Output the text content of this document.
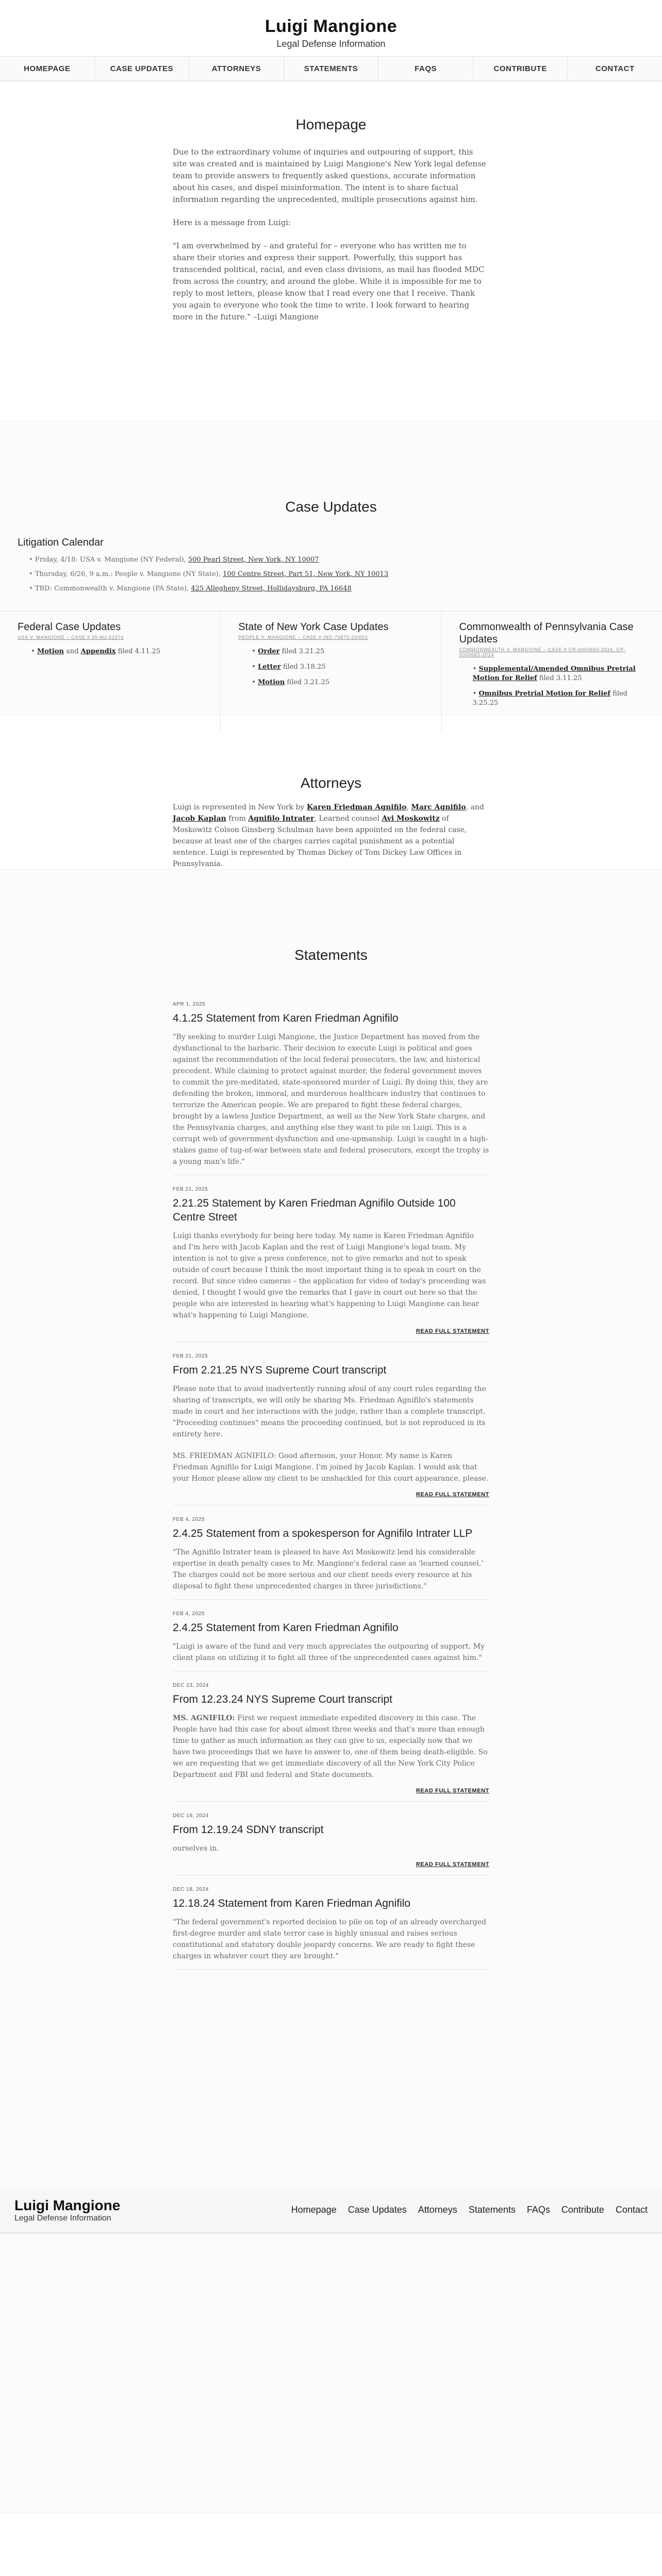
Luigi Mangione
Legal Defense Information
HOMEPAGE	CASE UPDATES	ATTORNEYS	STATEMENTS	FAQS	CONTRIBUTE	CONTACT
Homepage

Due to the extraordinary volume of inquiries and outpouring of support, this site was created and is maintained by Luigi Mangione's New York legal defense team to provide answers to frequently asked questions, accurate information about his cases, and dispel misinformation. The intent is to share factual information regarding the unprecedented, multiple prosecutions against him.

Here is a message from Luigi:

"I am overwhelmed by – and grateful for – everyone who has written me to share their stories and express their support. Powerfully, this support has transcended political, racial, and even class divisions, as mail has flooded MDC from across the country, and around the globe. While it is impossible for me to reply to most letters, please know that I read every one that I receive. Thank you again to everyone who took the time to write. I look forward to hearing more in the future." –Luigi Mangione

Case Updates
Litigation Calendar
• Friday, 4/18: USA v. Mangione (NY Federal), 500 Pearl Street, New York, NY 10007
• Thursday, 6/26, 9 a.m.: People v. Mangione (NY State), 100 Centre Street, Part 51, New York, NY 10013
• TBD: Commonwealth v. Mangione (PA State), 425 Allegheny Street, Hollidaysburg, PA 16648
Federal Case Updates
USA V. MANGIONE – CASE # 25-MJ-02374
• Motion and Appendix filed 4.11.25
State of New York Case Updates
PEOPLE V. MANGIONE – CASE # IND-75875-24/001
• Order filed 3.21.25
• Letter filed 3.18.25
• Motion filed 3.21.25
Commonwealth of Pennsylvania Case Updates
COMMONWEALTH V. MANGIONE – CASE # CR-0000683-2024, CP-0000683-2024
• Supplemental/Amended Omnibus Pretrial Motion for Relief filed 3.11.25
• Omnibus Pretrial Motion for Relief filed 3.25.25
Attorneys

Luigi is represented in New York by Karen Friedman Agnifilo, Marc Agnifilo, and Jacob Kaplan from Agnifilo Intrater, Learned counsel Avi Moskowitz of Moskowitz Colson Ginsberg Schulman have been appointed on the federal case, because at least one of the charges carries capital punishment as a potential sentence. Luigi is represented by Thomas Dickey of Tom Dickey Law Offices in Pennsylvania.

Statements
APR 1, 2025
4.1.25 Statement from Karen Friedman Agnifilo

"By seeking to murder Luigi Mangione, the Justice Department has moved from the dysfunctional to the barbaric. Their decision to execute Luigi is political and goes against the recommendation of the local federal prosecutors, the law, and historical precedent. While claiming to protect against murder, the federal government moves to commit the pre-meditated, state-sponsored murder of Luigi. By doing this, they are defending the broken, immoral, and murderous healthcare industry that continues to terrorize the American people. We are prepared to fight these federal charges, brought by a lawless Justice Department, as well as the New York State charges, and the Pennsylvania charges, and anything else they want to pile on Luigi. This is a corrupt web of government dysfunction and one-upmanship. Luigi is caught in a high-stakes game of tug-of-war between state and federal prosecutors, except the trophy is a young man's life."

FEB 21, 2025
2.21.25 Statement by Karen Friedman Agnifilo Outside 100 Centre Street

Luigi thanks everybody for being here today. My name is Karen Friedman Agnifilo and I'm here with Jacob Kaplan and the rest of Luigi Mangione's legal team. My intention is not to give a press conference, not to give remarks and not to speak outside of court because I think the most important thing is to speak in court on the record. But since video cameras – the application for video of today's proceeding was denied, I thought I would give the remarks that I gave in court out here so that the people who are interested in hearing what's happening to Luigi Mangione can hear what's happening to Luigi Mangione.

READ FULL STATEMENT
FEB 21, 2025
From 2.21.25 NYS Supreme Court transcript

Please note that to avoid inadvertently running afoul of any court rules regarding the sharing of transcripts, we will only be sharing Ms. Friedman Agnifilo's statements made in court and her interactions with the judge, rather than a complete transcript. "Proceeding continues" means the proceeding continued, but is not reproduced in its entirety here.

MS. FRIEDMAN AGNIFILO: Good afternoon, your Honor. My name is Karen Friedman Agnifilo for Luigi Mangione. I'm joined by Jacob Kaplan. I would ask that your Honor please allow my client to be unshackled for this court appearance, please.

READ FULL STATEMENT
FEB 4, 2025
2.4.25 Statement from a spokesperson for Agnifilo Intrater LLP

"The Agnifilo Intrater team is pleased to have Avi Moskowitz lend his considerable expertise in death penalty cases to Mr. Mangione's federal case as 'learned counsel.' The charges could not be more serious and our client needs every resource at his disposal to fight these unprecedented charges in three jurisdictions."

FEB 4, 2025
2.4.25 Statement from Karen Friedman Agnifilo

"Luigi is aware of the fund and very much appreciates the outpouring of support. My client plans on utilizing it to fight all three of the unprecedented cases against him."

DEC 23, 2024
From 12.23.24 NYS Supreme Court transcript

MS. AGNIFILO: First we request immediate expedited discovery in this case. The People have had this case for about almost three weeks and that's more than enough time to gather as much information as they can give to us, especially now that we have two proceedings that we have to answer to, one of them being death-eligible. So we are requesting that we get immediate discovery of all the New York City Police Department and FBI and federal and State documents.

READ FULL STATEMENT
DEC 19, 2024
From 12.19.24 SDNY transcript

ourselves in.

READ FULL STATEMENT
DEC 18, 2024
12.18.24 Statement from Karen Friedman Agnifilo

"The federal government's reported decision to pile on top of an already overcharged first-degree murder and state terror case is highly unusual and raises serious constitutional and statutory double jeopardy concerns. We are ready to fight these charges in whatever court they are brought."

Luigi Mangione
Legal Defense Information
Homepage Case Updates Attorneys Statements FAQs Contribute Contact
